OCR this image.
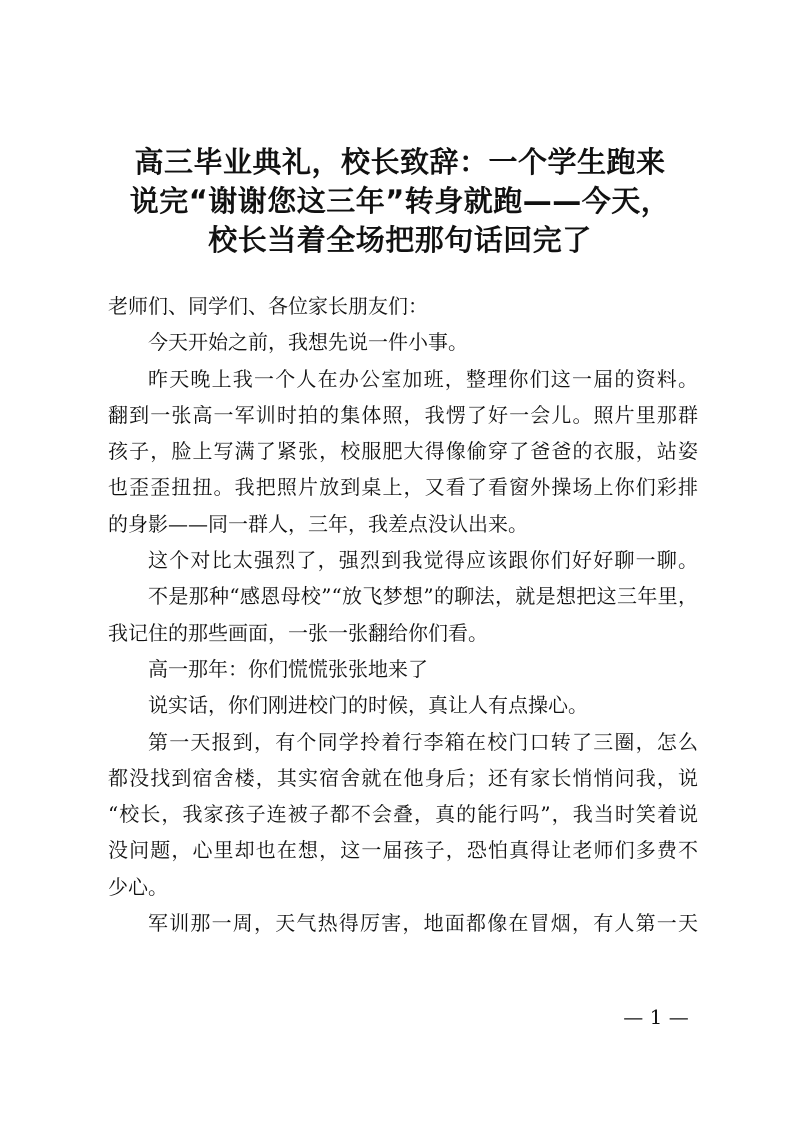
高三毕业典礼，校长致辞：一个学生跑来
说完“谢谢您这三年”转身就跑——今天，
校长当着全场把那句话回完了
老师们、同学们、各位家长朋友们：
今天开始之前，我想先说一件小事。
昨天晚上我一个人在办公室加班，整理你们这一届的资料。
翻到一张高一军训时拍的集体照，我愣了好一会儿。照片里那群
孩子，脸上写满了紧张，校服肥大得像偷穿了爸爸的衣服，站姿
也歪歪扭扭。我把照片放到桌上，又看了看窗外操场上你们彩排
的身影——同一群人，三年，我差点没认出来。
这个对比太强烈了，强烈到我觉得应该跟你们好好聊一聊。
不是那种“感恩母校”“放飞梦想”的聊法，就是想把这三年里，
我记住的那些画面，一张一张翻给你们看。
高一那年：你们慌慌张张地来了
说实话，你们刚进校门的时候，真让人有点操心。
第一天报到，有个同学拎着行李箱在校门口转了三圈，怎么
都没找到宿舍楼，其实宿舍就在他身后；还有家长悄悄问我，说
“校长，我家孩子连被子都不会叠，真的能行吗”，我当时笑着说
没问题，心里却也在想，这一届孩子，恐怕真得让老师们多费不
少心。
军训那一周，天气热得厉害，地面都像在冒烟，有人第一天
— 1 —
